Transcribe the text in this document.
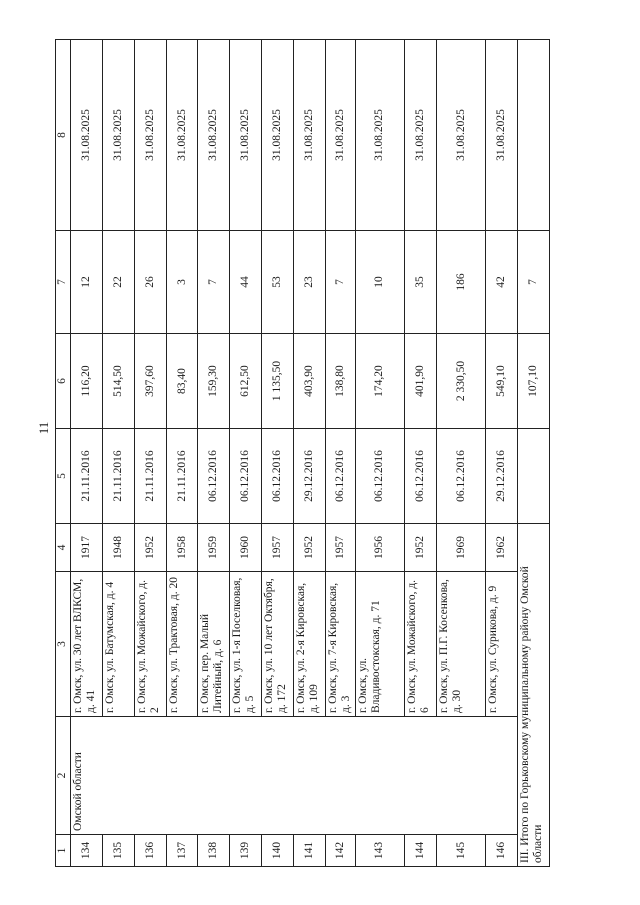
11
1	2	3	4	5	6	7	8
134	Омской области	г. Омск, ул. 30 лет ВЛКСМ, д. 41	1917	21.11.2016	116,20	12	31.08.2025
135		г. Омск, ул. Батумская, д. 4	1948	21.11.2016	514,50	22	31.08.2025
136		г. Омск, ул. Можайского, д. 2	1952	21.11.2016	397,60	26	31.08.2025
137		г. Омск, ул. Трактовая, д. 20	1958	21.11.2016	83,40	3	31.08.2025
138		г. Омск, пер. Малый Литейный, д. 6	1959	06.12.2016	159,30	7	31.08.2025
139		г. Омск, ул. 1-я Поселковая, д. 5	1960	06.12.2016	612,50	44	31.08.2025
140		г. Омск, ул. 10 лет Октября, д. 172	1957	06.12.2016	1 135,50	53	31.08.2025
141		г. Омск, ул. 2-я Кировская, д. 109	1952	29.12.2016	403,90	23	31.08.2025
142		г. Омск, ул. 7-я Кировская, д. 3	1957	06.12.2016	138,80	7	31.08.2025
143		г. Омск, ул. Владивостокская, д. 71	1956	06.12.2016	174,20	10	31.08.2025
144		г. Омск, ул. Можайского, д. 6	1952	06.12.2016	401,90	35	31.08.2025
145		г. Омск, ул. П.Г. Косенкова, д. 30	1969	06.12.2016	2 330,50	186	31.08.2025
146		г. Омск, ул. Сурикова, д. 9	1962	29.12.2016	549,10	42	31.08.2025
III. Итого по Горьковскому муниципальному району Омской области					107,10	7	
